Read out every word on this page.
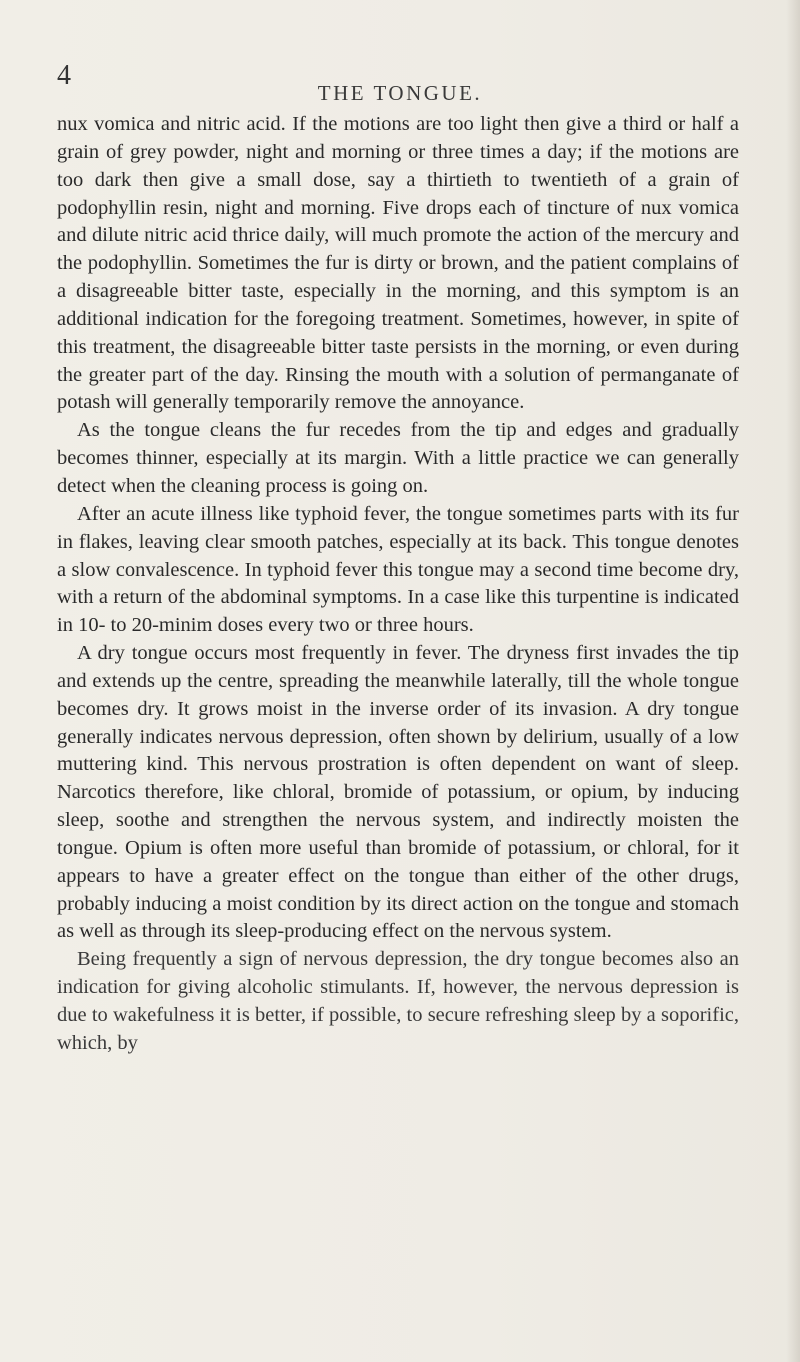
4
THE TONGUE.

nux vomica and nitric acid. If the motions are too light then give a third or half a grain of grey powder, night and morning or three times a day; if the motions are too dark then give a small dose, say a thirtieth to twentieth of a grain of podophyllin resin, night and morning. Five drops each of tincture of nux vomica and dilute nitric acid thrice daily, will much promote the action of the mercury and the podophyllin. Sometimes the fur is dirty or brown, and the patient complains of a disagreeable bitter taste, especially in the morning, and this symptom is an additional indication for the foregoing treatment. Sometimes, however, in spite of this treatment, the disagreeable bitter taste persists in the morning, or even during the greater part of the day. Rinsing the mouth with a solution of permanganate of potash will generally temporarily remove the annoyance.

As the tongue cleans the fur recedes from the tip and edges and gradually becomes thinner, especially at its margin. With a little practice we can generally detect when the cleaning process is going on.

After an acute illness like typhoid fever, the tongue sometimes parts with its fur in flakes, leaving clear smooth patches, especially at its back. This tongue denotes a slow convalescence. In typhoid fever this tongue may a second time become dry, with a return of the abdominal symptoms. In a case like this turpentine is indicated in 10- to 20-minim doses every two or three hours.

A dry tongue occurs most frequently in fever. The dryness first invades the tip and extends up the centre, spreading the meanwhile laterally, till the whole tongue becomes dry. It grows moist in the inverse order of its invasion. A dry tongue generally indicates nervous depression, often shown by delirium, usually of a low muttering kind. This nervous prostration is often dependent on want of sleep. Narcotics therefore, like chloral, bromide of potassium, or opium, by inducing sleep, soothe and strengthen the nervous system, and indirectly moisten the tongue. Opium is often more useful than bromide of potassium, or chloral, for it appears to have a greater effect on the tongue than either of the other drugs, probably inducing a moist condition by its direct action on the tongue and stomach as well as through its sleep-producing effect on the nervous system.

Being frequently a sign of nervous depression, the dry tongue becomes also an indication for giving alcoholic stimulants. If, however, the nervous depression is due to wakefulness it is better, if possible, to secure refreshing sleep by a soporific, which, by
